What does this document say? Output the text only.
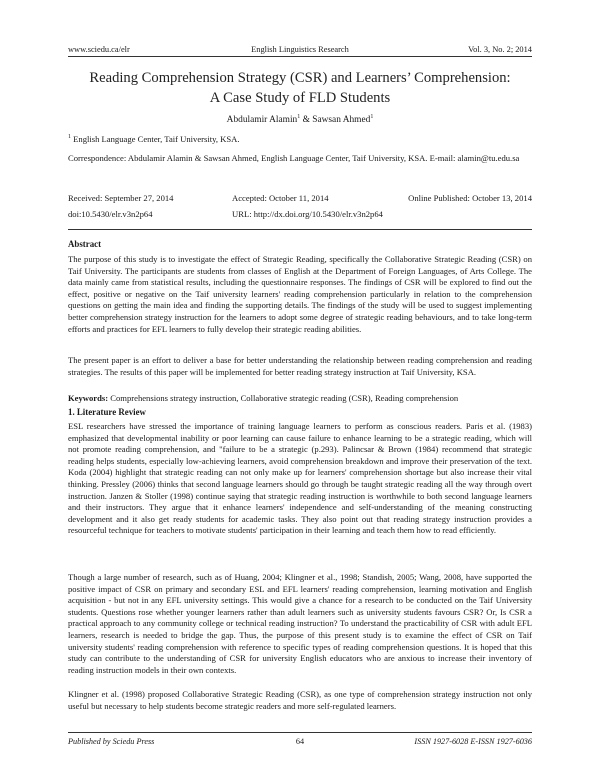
www.sciedu.ca/elr	English Linguistics Research	Vol. 3, No. 2; 2014
Reading Comprehension Strategy (CSR) and Learners’ Comprehension:
A Case Study of FLD Students
Abdulamir Alamin$^1$ & Sawsan Ahmed$^1$
$^1$ English Language Center, Taif University, KSA.
Correspondence: Abdulamir Alamin & Sawsan Ahmed, English Language Center, Taif University, KSA. E-mail: alamin@tu.edu.sa
Received: September 27, 2014	Accepted: October 11, 2014	Online Published: October 13, 2014
doi:10.5430/elr.v3n2p64	URL: http://dx.doi.org/10.5430/elr.v3n2p64
Abstract
The purpose of this study is to investigate the effect of Strategic Reading, specifically the Collaborative Strategic Reading (CSR) on Taif University. The participants are students from classes of English at the Department of Foreign Languages, of Arts College. The data mainly came from statistical results, including the questionnaire responses. The findings of CSR will be explored to find out the effect, positive or negative on the Taif university learners' reading comprehension particularly in relation to the comprehension questions on getting the main idea and finding the supporting details. The findings of the study will be used to suggest implementing better comprehension strategy instruction for the learners to adopt some degree of strategic reading behaviours, and to take long-term efforts and practices for EFL learners to fully develop their strategic reading abilities.
The present paper is an effort to deliver a base for better understanding the relationship between reading comprehension and reading strategies. The results of this paper will be implemented for better reading strategy instruction at Taif University, KSA.
Keywords: Comprehensions strategy instruction, Collaborative strategic reading (CSR), Reading comprehension
1. Literature Review
ESL researchers have stressed the importance of training language learners to perform as conscious readers. Paris et al. (1983) emphasized that developmental inability or poor learning can cause failure to enhance learning to be a strategic reading, which will not promote reading comprehension, and "failure to be a strategic (p.293). Palincsar & Brown (1984) recommend that strategic reading helps students, especially low-achieving learners, avoid comprehension breakdown and improve their preservation of the text. Koda (2004) highlight that strategic reading can not only make up for learners' comprehension shortage but also increase their vital thinking. Pressley (2006) thinks that second language learners should go through be taught strategic reading all the way through overt instruction. Janzen & Stoller (1998) continue saying that strategic reading instruction is worthwhile to both second language learners and their instructors. They argue that it enhance learners' independence and self-understanding of the meaning constructing development and it also get ready students for academic tasks. They also point out that reading strategy instruction provides a resourceful technique for teachers to motivate students' participation in their learning and teach them how to read efficiently.
Though a large number of research, such as of Huang, 2004; Klingner et al., 1998; Standish, 2005; Wang, 2008, have supported the positive impact of CSR on primary and secondary ESL and EFL learners' reading comprehension, learning motivation and English acquisition - but not in any EFL university settings. This would give a chance for a research to be conducted on the Taif University students. Questions rose whether younger learners rather than adult learners such as university students favours CSR? Or, Is CSR a practical approach to any community college or technical reading instruction? To understand the practicability of CSR with adult EFL learners, research is needed to bridge the gap. Thus, the purpose of this present study is to examine the effect of CSR on Taif university students' reading comprehension with reference to specific types of reading comprehension questions. It is hoped that this study can contribute to the understanding of CSR for university English educators who are anxious to increase their inventory of reading instruction models in their own contexts.
Klingner et al. (1998) proposed Collaborative Strategic Reading (CSR), as one type of comprehension strategy instruction not only useful but necessary to help students become strategic readers and more self-regulated learners.
Published by Sciedu Press	64	ISSN 1927-6028 E-ISSN 1927-6036
